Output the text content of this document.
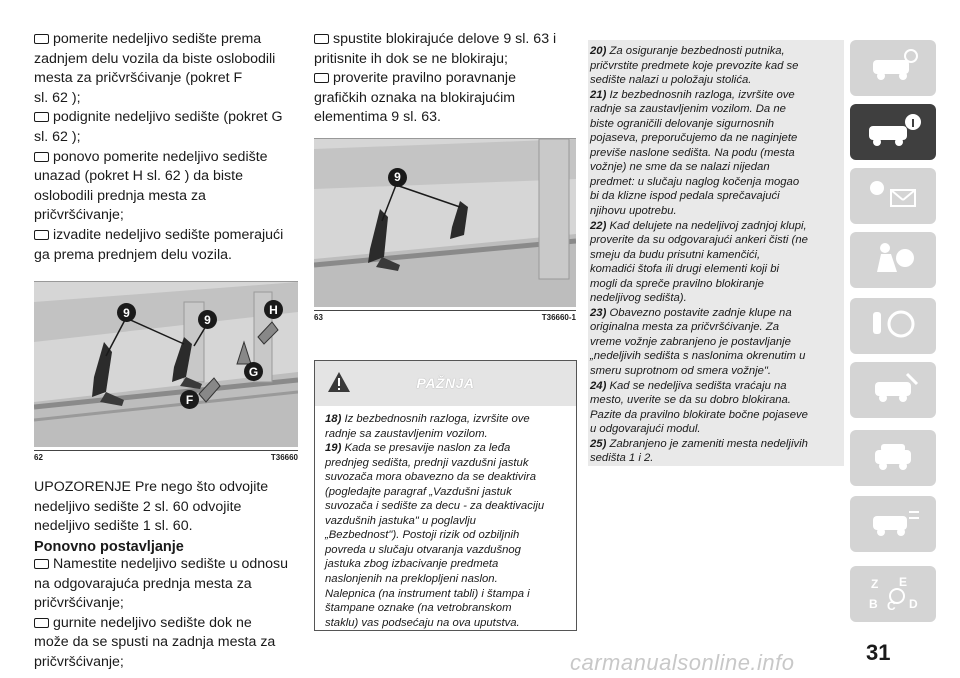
pomerite nedeljivo sedište prema
zadnjem delu vozila da biste oslobodili
mesta za pričvršćivanje (pokret F
sl. 62 );
podignite nedeljivo sedište (pokret G
sl. 62 );
ponovo pomerite nedeljivo sedište
unazad (pokret H sl. 62 ) da biste
oslobodili prednja mesta za
pričvršćivanje;
izvadite nedeljivo sedište pomerajući
ga prema prednjem delu vozila.
9	9
H
G
F
62	T36660
UPOZORENJE Pre nego što odvojite
nedeljivo sedište 2 sl. 60 odvojite
nedeljivo sedište 1 sl. 60.
Ponovno postavljanje
Namestite nedeljivo sedište u odnosu
na odgovarajuća prednja mesta za
pričvršćivanje;
gurnite nedeljivo sedište dok ne
može da se spusti na zadnja mesta za
pričvršćivanje;
spustite blokirajuće delove 9 sl. 63 i
pritisnite ih dok se ne blokiraju;
proverite pravilno poravnanje
grafičkih oznaka na blokirajućim
elementima 9 sl. 63.
9
63	T36660-1
PAŽNJA
18) Iz bezbednosnih razloga, izvršite ove
radnje sa zaustavljenim vozilom.
19) Kada se presavije naslon za leđa
prednjeg sedišta, prednji vazdušni jastuk
suvozača mora obavezno da se deaktivira
(pogledajte paragraf „Vazdušni jastuk
suvozača i sedište za decu - za deaktivaciju
vazdušnih jastuka" u poglavlju
„Bezbednost"). Postoji rizik od ozbiljnih
povreda u slučaju otvaranja vazdušnog
jastuka zbog izbacivanje predmeta
naslonjenih na preklopljeni naslon.
Nalepnica (na instrument tabli) i štampa i
štampane oznake (na vetrobranskom
staklu) vas podsećaju na ova uputstva.
20) Za osiguranje bezbednosti putnika,
pričvrstite predmete koje prevozite kad se
sedište nalazi u položaju stolića.
21) Iz bezbednosnih razloga, izvršite ove
radnje sa zaustavljenim vozilom. Da ne
biste ograničili delovanje sigurnosnih
pojaseva, preporučujemo da ne naginjete
previše naslone sedišta. Na podu (mesta
vožnje) ne sme da se nalazi nijedan
predmet: u slučaju naglog kočenja mogao
bi da klizne ispod pedala sprečavajući
njihovu upotrebu.
22) Kad delujete na nedeljivoj zadnjoj klupi,
proverite da su odgovarajući ankeri čisti (ne
smeju da budu prisutni kamenčići,
komadići štofa ili drugi elementi koji bi
mogli da spreče pravilno blokiranje
nedeljivog sedišta).
23) Obavezno postavite zadnje klupe na
originalna mesta za pričvršćivanje. Za
vreme vožnje zabranjeno je postavljanje
„nedeljivih sedišta s naslonima okrenutim u
smeru suprotnom od smera vožnje".
24) Kad se nedeljiva sedišta vraćaju na
mesto, uverite se da su dobro blokirana.
Pazite da pravilno blokirate bočne pojaseve
u odgovarajući modul.
25) Zabranjeno je zameniti mesta nedeljivih
sedišta 1 i 2.
Z E
B C D
31
carmanualsonline.info
